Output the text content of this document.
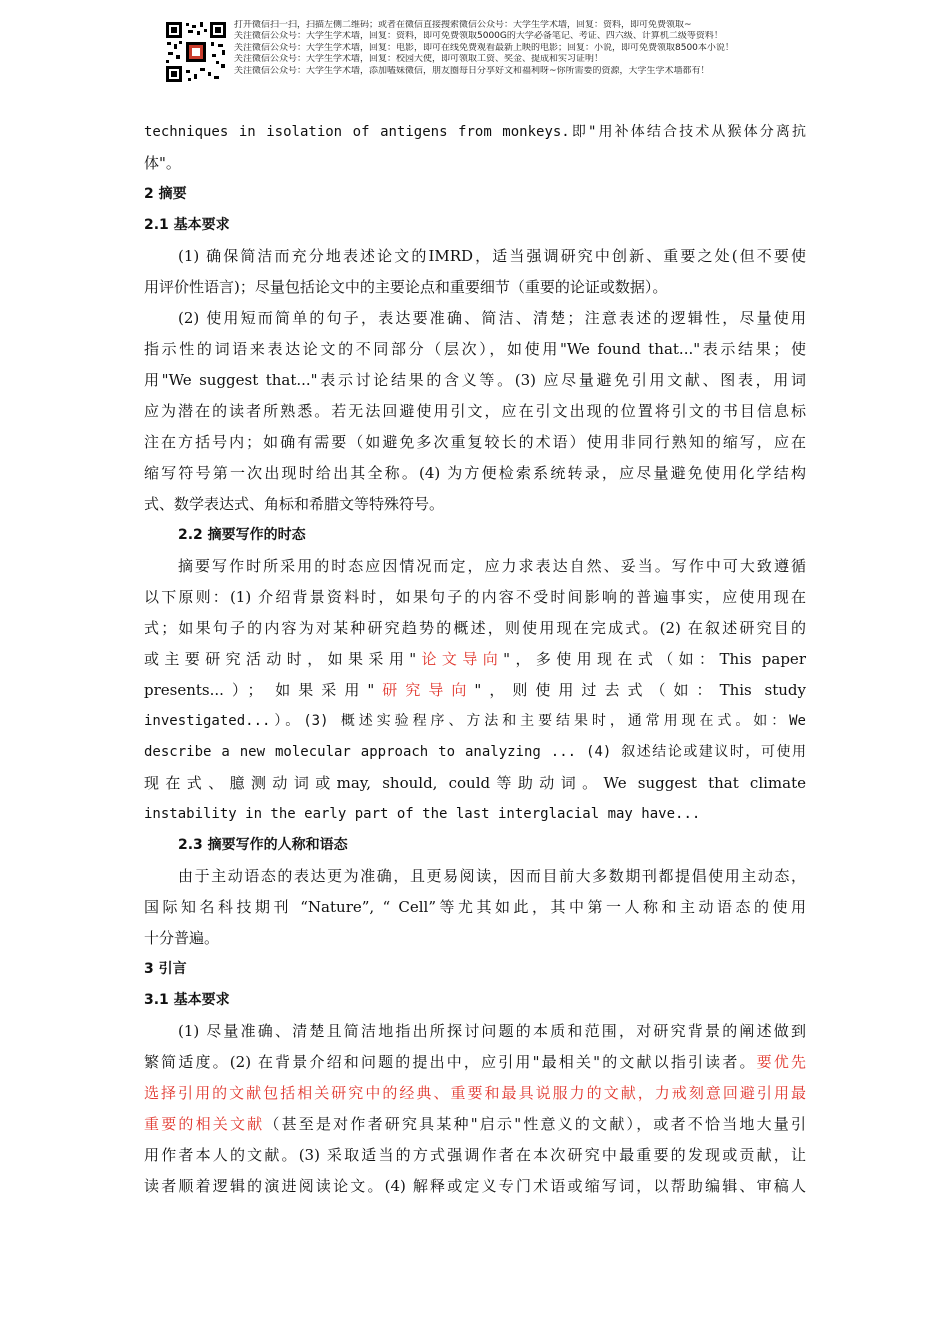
打开微信扫一扫，扫描左侧二维码；或者在微信直接搜索微信公众号：大学生学术墙，回复：资料，即可免费领取~
关注微信公众号：大学生学术墙，回复：资料，即可免费领取5000G的大学必备笔记、考证、四六级、计算机二级等资料！
关注微信公众号：大学生学术墙，回复：电影，即可在线免费观看最新上映的电影；回复：小说，即可免费领取8500本小说！
关注微信公众号：大学生学术墙，回复：校园大使，即可领取工资、奖金、提成和实习证明！
关注微信公众号：大学生学术墙，添加嗑妹微信，朋友圈每日分享好文和福利呀~你所需要的资源，大学生学术墙都有！
techniques in isolation of antigens from monkeys.即"用补体结合技术从猴体分离抗
体"。
2 摘要
2.1 基本要求
(1) 确保简洁而充分地表述论文的IMRD，适当强调研究中创新、重要之处(但不要使
用评价性语言)；尽量包括论文中的主要论点和重要细节（重要的论证或数据）。
(2) 使用短而简单的句子，表达要准确、简洁、清楚；注意表述的逻辑性，尽量使用
指示性的词语来表达论文的不同部分（层次），如使用"We found that..."表示结果；使
用"We suggest that..."表示讨论结果的含义等。(3) 应尽量避免引用文献、图表，用词
应为潜在的读者所熟悉。若无法回避使用引文，应在引文出现的位置将引文的书目信息标
注在方括号内；如确有需要（如避免多次重复较长的术语）使用非同行熟知的缩写，应在
缩写符号第一次出现时给出其全称。(4) 为方便检索系统转录，应尽量避免使用化学结构
式、数学表达式、角标和希腊文等特殊符号。
2.2 摘要写作的时态
摘要写作时所采用的时态应因情况而定，应力求表达自然、妥当。写作中可大致遵循
以下原则：(1) 介绍背景资料时，如果句子的内容不受时间影响的普遍事实，应使用现在
式；如果句子的内容为对某种研究趋势的概述，则使用现在完成式。(2) 在叙述研究目的
或主要研究活动时，如果采用"论文导向"，多使用现在式（如：This paper
presents...）； 如果采用"研究导向"，则使用过去式（如：This study
investigated...）。(3) 概述实验程序、方法和主要结果时，通常用现在式。如：We
describe a new molecular approach to analyzing ... (4) 叙述结论或建议时，可使用
现在式、臆测动词或may, should, could等助动词。We suggest that climate
instability in the early part of the last interglacial may have...
2.3 摘要写作的人称和语态
由于主动语态的表达更为准确，且更易阅读，因而目前大多数期刊都提倡使用主动态，
国际知名科技期刊 “Nature”, “ Cell”等尤其如此，其中第一人称和主动语态的使用
十分普遍。
3 引言
3.1 基本要求
(1) 尽量准确、清楚且简洁地指出所探讨问题的本质和范围，对研究背景的阐述做到
繁简适度。(2) 在背景介绍和问题的提出中，应引用"最相关"的文献以指引读者。要优先
选择引用的文献包括相关研究中的经典、重要和最具说服力的文献，力戒刻意回避引用最
重要的相关文献（甚至是对作者研究具某种"启示"性意义的文献），或者不恰当地大量引
用作者本人的文献。(3) 采取适当的方式强调作者在本次研究中最重要的发现或贡献，让
读者顺着逻辑的演进阅读论文。(4) 解释或定义专门术语或缩写词，以帮助编辑、审稿人
